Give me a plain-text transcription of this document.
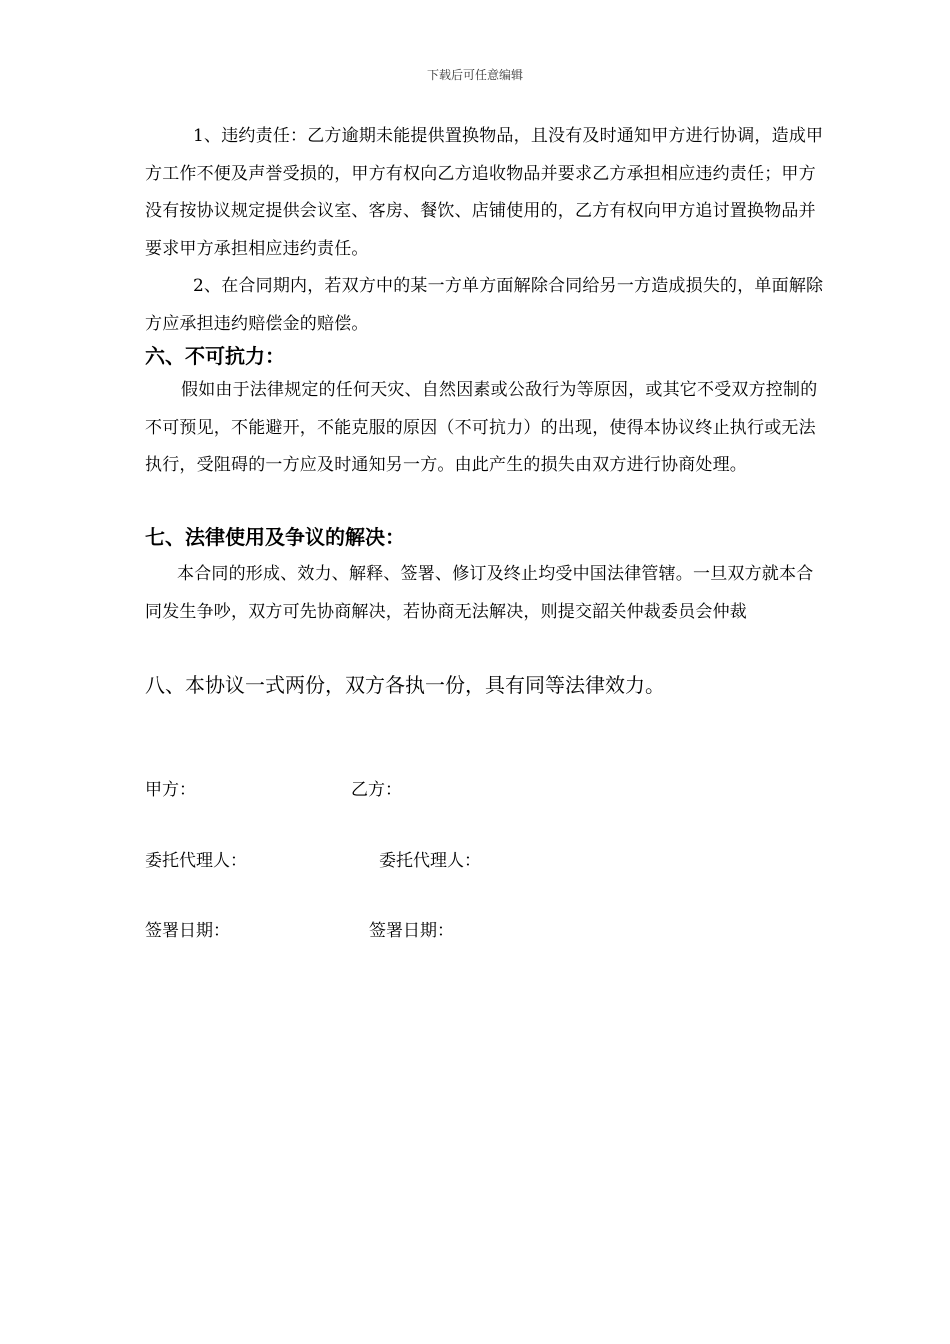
下载后可任意编辑

1、违约责任：乙方逾期未能提供置换物品，且没有及时通知甲方进行协调，造成甲方工作不便及声誉受损的，甲方有权向乙方追收物品并要求乙方承担相应违约责任；甲方没有按协议规定提供会议室、客房、餐饮、店铺使用的，乙方有权向甲方追讨置换物品并要求甲方承担相应违约责任。

2、在合同期内，若双方中的某一方单方面解除合同给另一方造成损失的，单面解除方应承担违约赔偿金的赔偿。

六、不可抗力：

假如由于法律规定的任何天灾、自然因素或公敌行为等原因，或其它不受双方控制的不可预见，不能避开，不能克服的原因（不可抗力）的出现，使得本协议终止执行或无法执行，受阻碍的一方应及时通知另一方。由此产生的损失由双方进行协商处理。

七、法律使用及争议的解决：

本合同的形成、效力、解释、签署、修订及终止均受中国法律管辖。一旦双方就本合同发生争吵，双方可先协商解决，若协商无法解决，则提交韶关仲裁委员会仲裁

八、本协议一式两份，双方各执一份，具有同等法律效力。

甲方：	乙方：
委托代理人：	委托代理人：
签署日期：	签署日期：
